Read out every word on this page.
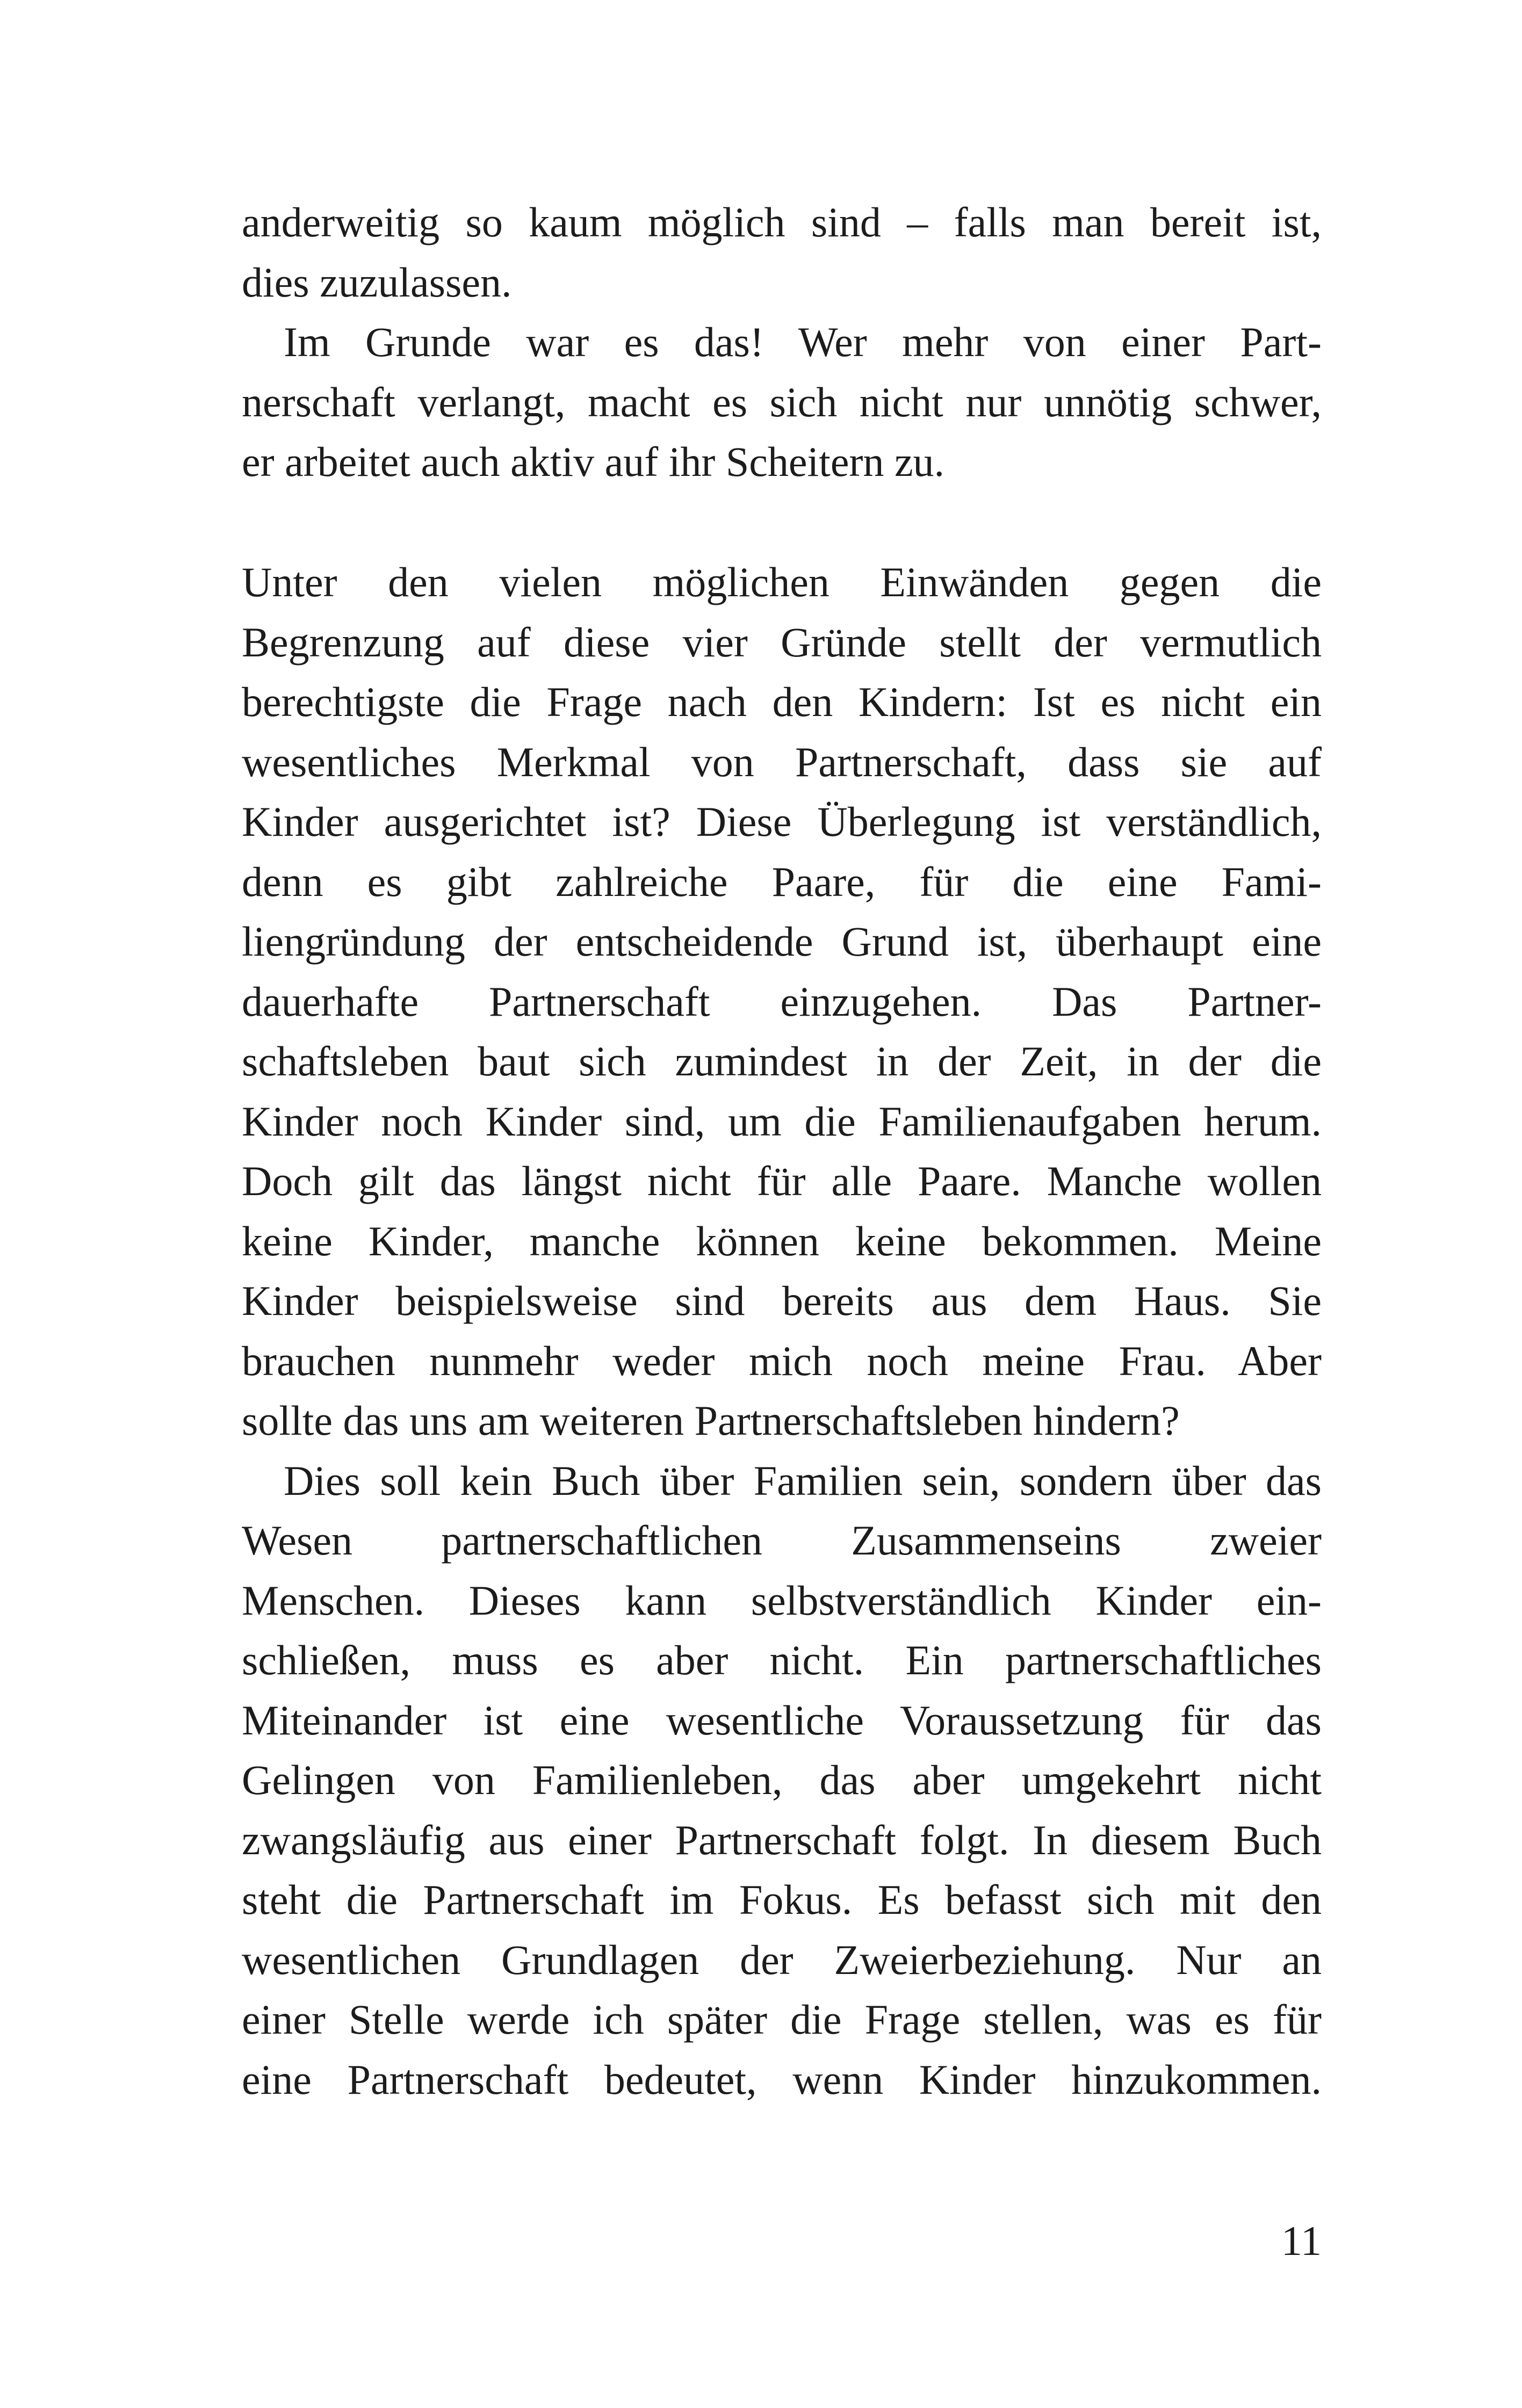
anderweitig so kaum möglich sind – falls man bereit ist,
dies zuzulassen.
Im Grunde war es das! Wer mehr von einer Part-
nerschaft verlangt, macht es sich nicht nur unnötig schwer,
er arbeitet auch aktiv auf ihr Scheitern zu.
Unter den vielen möglichen Einwänden gegen die
Begrenzung auf diese vier Gründe stellt der vermutlich
berechtigste die Frage nach den Kindern: Ist es nicht ein
wesentliches Merkmal von Partnerschaft, dass sie auf
Kinder ausgerichtet ist? Diese Überlegung ist verständlich,
denn es gibt zahlreiche Paare, für die eine Fami-
liengründung der entscheidende Grund ist, überhaupt eine
dauerhafte Partnerschaft einzugehen. Das Partner-
schaftsleben baut sich zumindest in der Zeit, in der die
Kinder noch Kinder sind, um die Familienaufgaben herum.
Doch gilt das längst nicht für alle Paare. Manche wollen
keine Kinder, manche können keine bekommen. Meine
Kinder beispielsweise sind bereits aus dem Haus. Sie
brauchen nunmehr weder mich noch meine Frau. Aber
sollte das uns am weiteren Partnerschaftsleben hindern?
Dies soll kein Buch über Familien sein, sondern über das
Wesen partnerschaftlichen Zusammenseins zweier
Menschen. Dieses kann selbstverständlich Kinder ein-
schließen, muss es aber nicht. Ein partnerschaftliches
Miteinander ist eine wesentliche Voraussetzung für das
Gelingen von Familienleben, das aber umgekehrt nicht
zwangsläufig aus einer Partnerschaft folgt. In diesem Buch
steht die Partnerschaft im Fokus. Es befasst sich mit den
wesentlichen Grundlagen der Zweierbeziehung. Nur an
einer Stelle werde ich später die Frage stellen, was es für
eine Partnerschaft bedeutet, wenn Kinder hinzukommen.
11
